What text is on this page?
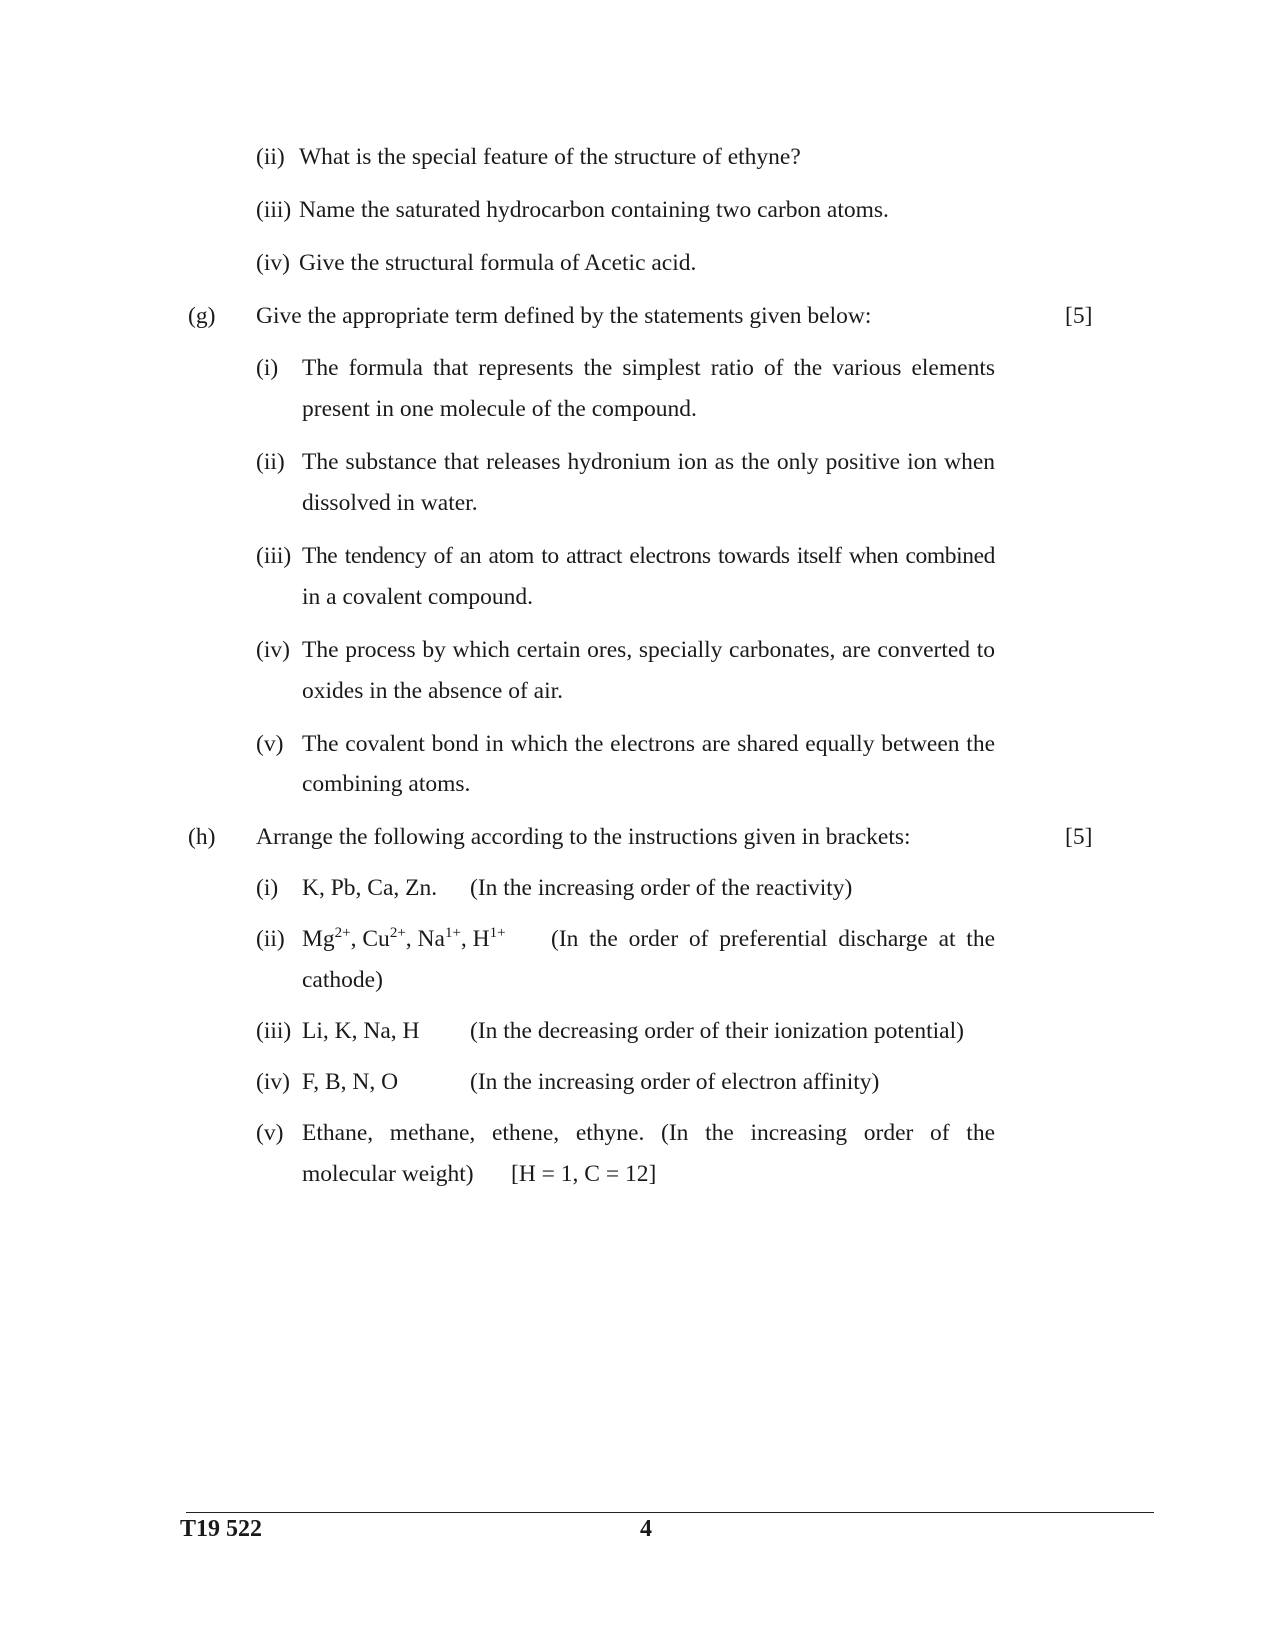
(ii) What is the special feature of the structure of ethyne?
(iii) Name the saturated hydrocarbon containing two carbon atoms.
(iv) Give the structural formula of Acetic acid.
(g) Give the appropriate term defined by the statements given below:	[5]
(i) The formula that represents the simplest ratio of the various elements
present in one molecule of the compound.
(ii) The substance that releases hydronium ion as the only positive ion when
dissolved in water.
(iii) The tendency of an atom to attract electrons towards itself when combined
in a covalent compound.
(iv) The process by which certain ores, specially carbonates, are converted to
oxides in the absence of air.
(v) The covalent bond in which the electrons are shared equally between the
combining atoms.
(h) Arrange the following according to the instructions given in brackets:	[5]
(i) K, Pb, Ca, Zn. (In the increasing order of the reactivity)
(ii) $Mg^{2+}$, $Cu^{2+}$, $Na^{1+}$, $H^{1+}$ (In the order of preferential discharge at the
cathode)
(iii) Li, K, Na, H (In the decreasing order of their ionization potential)
(iv) F, B, N, O	(In the increasing order of electron affinity)
(v) Ethane, methane, ethene, ethyne. (In the increasing order of the
molecular weight) [H = 1, C = 12]
T19 522	4
